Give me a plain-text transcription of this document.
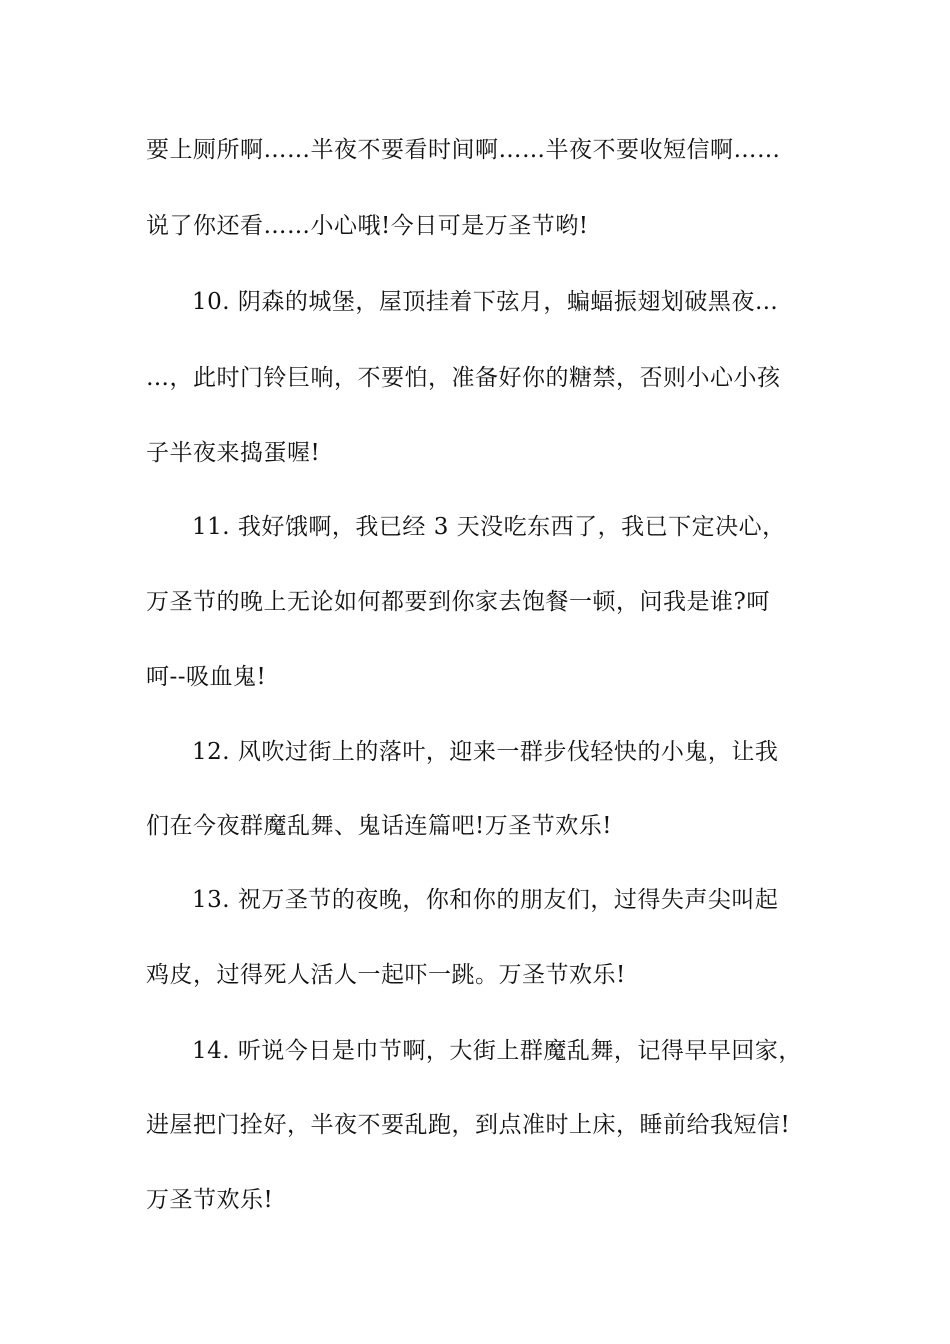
要上厕所啊……半夜不要看时间啊……半夜不要收短信啊……
说了你还看……小心哦!今日可是万圣节哟!
10. 阴森的城堡，屋顶挂着下弦月，蝙蝠振翅划破黑夜…
…，此时门铃巨响，不要怕，准备好你的糖禁，否则小心小孩
子半夜来捣蛋喔!
11. 我好饿啊，我已经 3 天没吃东西了，我已下定决心，
万圣节的晚上无论如何都要到你家去饱餐一顿，问我是谁?呵
呵--吸血鬼!
12. 风吹过街上的落叶，迎来一群步伐轻快的小鬼，让我
们在今夜群魔乱舞、鬼话连篇吧!万圣节欢乐!
13. 祝万圣节的夜晚，你和你的朋友们，过得失声尖叫起
鸡皮，过得死人活人一起吓一跳。万圣节欢乐!
14. 听说今日是巾节啊，大街上群魔乱舞，记得早早回家，
进屋把门拴好，半夜不要乱跑，到点准时上床，睡前给我短信!
万圣节欢乐!
